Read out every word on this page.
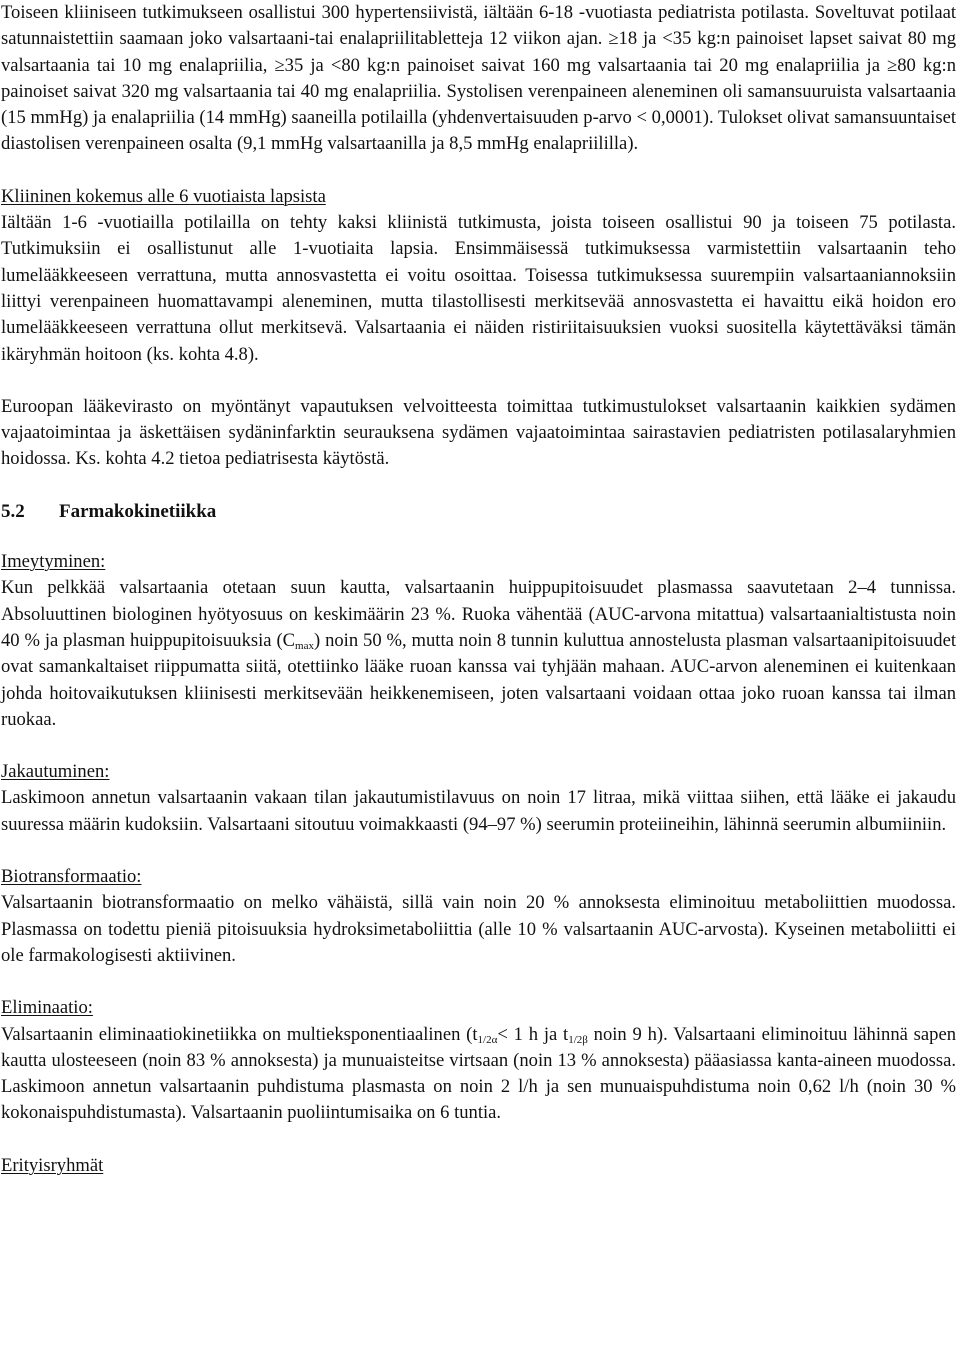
Toiseen kliiniseen tutkimukseen osallistui 300 hypertensiivistä, iältään 6-18 -vuotiasta pediatrista potilasta. Soveltuvat potilaat satunnaistettiin saamaan joko valsartaani-tai enalapriilitabletteja 12 viikon ajan. ≥18 ja <35 kg:n painoiset lapset saivat 80 mg valsartaania tai 10 mg enalapriilia, ≥35 ja <80 kg:n painoiset saivat 160 mg valsartaania tai 20 mg enalapriilia ja ≥80 kg:n painoiset saivat 320 mg valsartaania tai 40 mg enalapriilia. Systolisen verenpaineen aleneminen oli samansuuruista valsartaania (15 mmHg) ja enalapriilia (14 mmHg) saaneilla potilailla (yhdenvertaisuuden p-arvo < 0,0001). Tulokset olivat samansuuntaiset diastolisen verenpaineen osalta (9,1 mmHg valsartaanilla ja 8,5 mmHg enalapriililla).

Kliininen kokemus alle 6 vuotiaista lapsista

Iältään 1-6 -vuotiailla potilailla on tehty kaksi kliinistä tutkimusta, joista toiseen osallistui 90 ja toiseen 75 potilasta. Tutkimuksiin ei osallistunut alle 1-vuotiaita lapsia. Ensimmäisessä tutkimuksessa varmistettiin valsartaanin teho lumelääkkeeseen verrattuna, mutta annosvastetta ei voitu osoittaa. Toisessa tutkimuksessa suurempiin valsartaaniannoksiin liittyi verenpaineen huomattavampi aleneminen, mutta tilastollisesti merkitsevää annosvastetta ei havaittu eikä hoidon ero lumelääkkeeseen verrattuna ollut merkitsevä. Valsartaania ei näiden ristiriitaisuuksien vuoksi suositella käytettäväksi tämän ikäryhmän hoitoon (ks. kohta 4.8).

Euroopan lääkevirasto on myöntänyt vapautuksen velvoitteesta toimittaa tutkimustulokset valsartaanin kaikkien sydämen vajaatoimintaa ja äskettäisen sydäninfarktin seurauksena sydämen vajaatoimintaa sairastavien pediatristen potilasalaryhmien hoidossa. Ks. kohta 4.2 tietoa pediatrisesta käytöstä.

5.2 Farmakokinetiikka

Imeytyminen:

Kun pelkkää valsartaania otetaan suun kautta, valsartaanin huippupitoisuudet plasmassa saavutetaan 2–4 tunnissa. Absoluuttinen biologinen hyötyosuus on keskimäärin 23 %. Ruoka vähentää (AUC-arvona mitattua) valsartaanialtistusta noin 40 % ja plasman huippupitoisuuksia $(C_{max})$ noin 50 %, mutta noin 8 tunnin kuluttua annostelusta plasman valsartaanipitoisuudet ovat samankaltaiset riippumatta siitä, otettiinko lääke ruoan kanssa vai tyhjään mahaan. AUC-arvon aleneminen ei kuitenkaan johda hoitovaikutuksen kliinisesti merkitsevään heikkenemiseen, joten valsartaani voidaan ottaa joko ruoan kanssa tai ilman ruokaa.

Jakautuminen:

Laskimoon annetun valsartaanin vakaan tilan jakautumistilavuus on noin 17 litraa, mikä viittaa siihen, että lääke ei jakaudu suuressa määrin kudoksiin. Valsartaani sitoutuu voimakkaasti (94–97 %) seerumin proteiineihin, lähinnä seerumin albumiiniin.

Biotransformaatio:

Valsartaanin biotransformaatio on melko vähäistä, sillä vain noin 20 % annoksesta eliminoituu metaboliittien muodossa. Plasmassa on todettu pieniä pitoisuuksia hydroksimetaboliittia (alle 10 % valsartaanin AUC-arvosta). Kyseinen metaboliitti ei ole farmakologisesti aktiivinen.

Eliminaatio:

Valsartaanin eliminaatiokinetiikka on multieksponentiaalinen ($t_{1/2\alpha}< 1$ h ja $t_{1/2\beta}$ noin 9 h). Valsartaani eliminoituu lähinnä sapen kautta ulosteeseen (noin 83 % annoksesta) ja munuaisteitse virtsaan (noin 13 % annoksesta) pääasiassa kanta-aineen muodossa. Laskimoon annetun valsartaanin puhdistuma plasmasta on noin 2 l/h ja sen munuaispuhdistuma noin 0,62 l/h (noin 30 % kokonaispuhdistumasta). Valsartaanin puoliintumisaika on 6 tuntia.

Erityisryhmät
